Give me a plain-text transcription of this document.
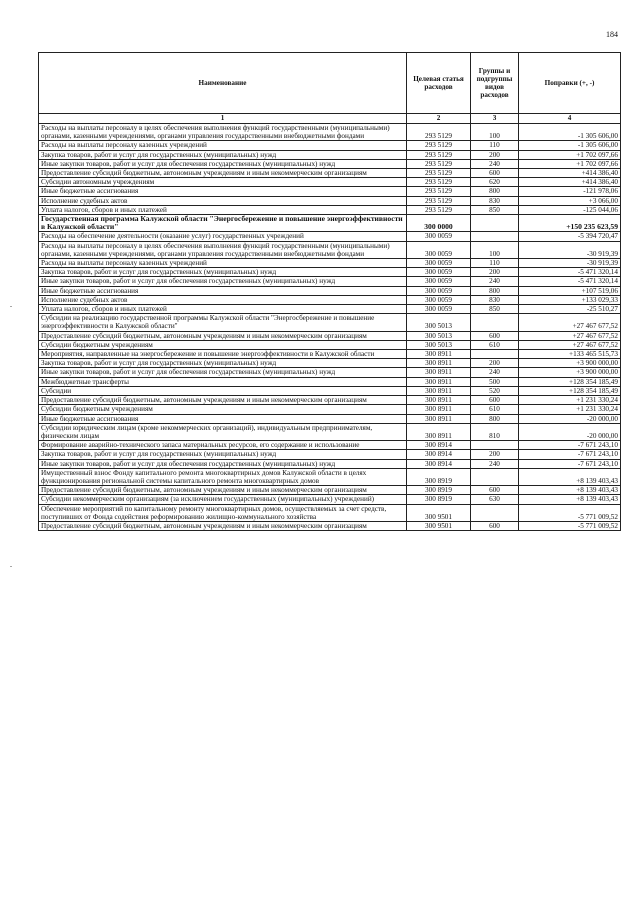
184
.
.
Наименование	Целевая статья расходов	Группы и подгруппы видов расходов	Поправки (+, -)
1	2	3	4
Расходы на выплаты персоналу в целях обеспечения выполнения функций государственными (муниципальными) органами, казенными учреждениями, органами управления государственными внебюджетными фондами	293 5129	100	-1 305 606,00
Расходы на выплаты персоналу казенных учреждений	293 5129	110	-1 305 606,00
Закупка товаров, работ и услуг для государственных (муниципальных) нужд	293 5129	200	+1 702 097,66
Иные закупки товаров, работ и услуг для обеспечения государственных (муниципальных) нужд	293 5129	240	+1 702 097,66
Предоставление субсидий бюджетным, автономным учреждениям и иным некоммерческим организациям	293 5129	600	+414 386,40
Субсидии автономным учреждениям	293 5129	620	+414 386,40
Иные бюджетные ассигнования	293 5129	800	-121 978,06
Исполнение судебных актов	293 5129	830	+3 066,00
Уплата налогов, сборов и иных платежей	293 5129	850	-125 044,06
Государственная программа Калужской области "Энергосбережение и повышение энергоэффективности в Калужской области"	300 0000		+150 235 623,59
Расходы на обеспечение деятельности (оказание услуг) государственных учреждений	300 0059		-5 394 720,47
Расходы на выплаты персоналу в целях обеспечения выполнения функций государственными (муниципальными) органами, казенными учреждениями, органами управления государственными внебюджетными фондами	300 0059	100	-30 919,39
Расходы на выплаты персоналу казенных учреждений	300 0059	110	-30 919,39
Закупка товаров, работ и услуг для государственных (муниципальных) нужд	300 0059	200	-5 471 320,14
Иные закупки товаров, работ и услуг для обеспечения государственных (муниципальных) нужд	300 0059	240	-5 471 320,14
Иные бюджетные ассигнования	300 0059	800	+107 519,06
Исполнение судебных актов	300 0059	830	+133 029,33
Уплата налогов, сборов и иных платежей	300 0059	850	-25 510,27
Субсидии на реализацию государственной программы Калужской области "Энергосбережение и повышение энергоэффективности в Калужской области"	300 5013		+27 467 677,52
Предоставление субсидий бюджетным, автономным учреждениям и иным некоммерческим организациям	300 5013	600	+27 467 677,52
Субсидии бюджетным учреждениям	300 5013	610	+27 467 677,52
Мероприятия, направленные на энергосбережение и повышение энергоэффективности в Калужской области	300 8911		+133 465 515,73
Закупка товаров, работ и услуг для государственных (муниципальных) нужд	300 8911	200	+3 900 000,00
Иные закупки товаров, работ и услуг для обеспечения государственных (муниципальных) нужд	300 8911	240	+3 900 000,00
Межбюджетные трансферты	300 8911	500	+128 354 185,49
Субсидии	300 8911	520	+128 354 185,49
Предоставление субсидий бюджетным, автономным учреждениям и иным некоммерческим организациям	300 8911	600	+1 231 330,24
Субсидии бюджетным учреждениям	300 8911	610	+1 231 330,24
Иные бюджетные ассигнования	300 8911	800	-20 000,00
Субсидии юридическим лицам (кроме некоммерческих организаций), индивидуальным предпринимателям, физическим лицам	300 8911	810	-20 000,00
Формирование аварийно-технического запаса материальных ресурсов, его содержание и использование	300 8914		-7 671 243,10
Закупка товаров, работ и услуг для государственных (муниципальных) нужд	300 8914	200	-7 671 243,10
Иные закупки товаров, работ и услуг для обеспечения государственных (муниципальных) нужд	300 8914	240	-7 671 243,10
Имущественный взнос Фонду капитального ремонта многоквартирных домов Калужской области в целях функционирования региональной системы капитального ремонта многоквартирных домов	300 8919		+8 139 403,43
Предоставление субсидий бюджетным, автономным учреждениям и иным некоммерческим организациям	300 8919	600	+8 139 403,43
Субсидии некоммерческим организациям (за исключением государственных (муниципальных) учреждений)	300 8919	630	+8 139 403,43
Обеспечение мероприятий по капитальному ремонту многоквартирных домов, осуществляемых за счет средств, поступивших от Фонда содействия реформированию жилищно-коммунального хозяйства	300 9501		-5 771 009,52
Предоставление субсидий бюджетным, автономным учреждениям и иным некоммерческим организациям	300 9501	600	-5 771 009,52
